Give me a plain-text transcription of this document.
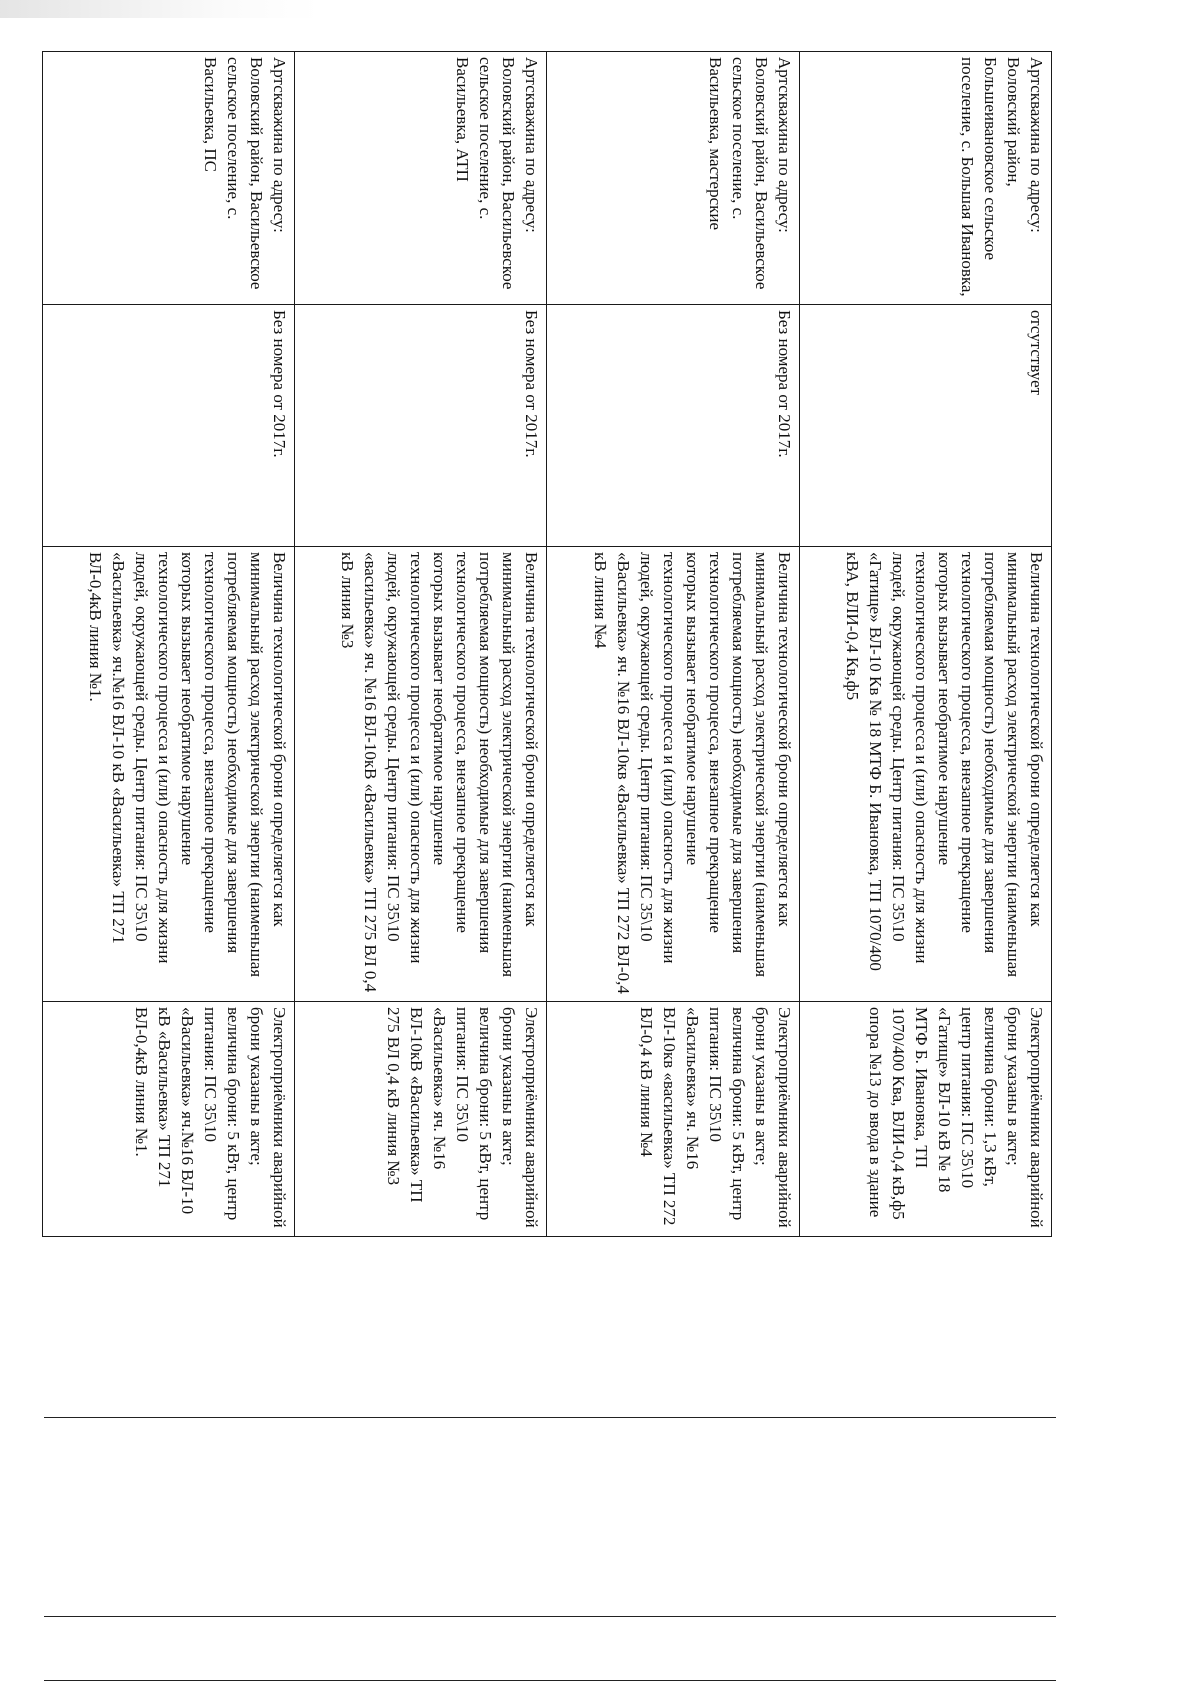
Артскважина по адресу: Воловский район, Большеивановское сельское поселение, с. Большая Ивановка,	отсутствует	Величина технологической брони определяется как минимальный расход электрической энергии (наименьшая потребляемая мощность) необходимые для завершения технологического процесса, внезапное прекращение которых вызывает необратимое нарушение технологического процесса и (или) опасность для жизни людей, окружающей среды. Центр питания: ПС 35\10 «Гатище» ВЛ-10 Кв № 18 МТФ Б. Ивановка, ТП 1070/400 кВА, ВЛИ-0,4 Кв,ф5	Электроприёмники аварийной брони указаны в акте; величина брони: 1,3 кВт, центр питания: ПС 35\10 «Гатище» ВЛ-10 кВ № 18 МТФ Б. Ивановка, ТП 1070/400 Ква, ВЛИ-0,4 кВ,ф5 опора №13 до ввода в здание
Артскважина по адресу: Воловский район, Васильевское сельское поселение, с. Васильевка, мастерские	Без номера от 2017г.	Величина технологической брони определяется как минимальный расход электрической энергии (наименьшая потребляемая мощность) необходимые для завершения технологического процесса, внезапное прекращение которых вызывает необратимое нарушение технологического процесса и (или) опасность для жизни людей, окружающей среды. Центр питания: ПС 35\10 «Васильевка» яч. №16 ВЛ-10кв «Васильевка» ТП 272 ВЛ-0,4 кВ линия №4	Электроприёмники аварийной брони указаны в акте; величина брони: 5 кВт, центр питания: ПС 35\10 «Васильевка» яч. №16 ВЛ-10кв «васильевка» ТП 272 ВЛ-0,4 кВ линия №4
Артскважина по адресу: Воловский район, Васильевское сельское поселение, с. Васильевка, АТП	Без номера от 2017г.	Величина технологической брони определяется как минимальный расход электрической энергии (наименьшая потребляемая мощность) необходимые для завершения технологического процесса, внезапное прекращение которых вызывает необратимое нарушение технологического процесса и (или) опасность для жизни людей, окружающей среды. Центр питания: ПС 35\10 «васильевка» яч. №16 ВЛ-10кВ «Васильевка» ТП 275 ВЛ 0,4 кВ линия №3	Электроприёмники аварийной брони указаны в акте; величина брони: 5 кВт, центр питания: ПС 35\10 «Васильевка» яч. №16 ВЛ-10кВ «Васильевка» ТП 275 ВЛ 0,4 кВ линия №3
Артскважина по адресу: Воловский район, Васильевское сельское поселение, с. Васильевка, ПС	Без номера от 2017г.	Величина технологической брони определяется как минимальный расход электрической энергии (наименьшая потребляемая мощность) необходимые для завершения технологического процесса, внезапное прекращение которых вызывает необратимое нарушение технологического процесса и (или) опасность для жизни людей, окружающей среды. Центр питания: ПС 35\10 «Васильевка» яч.№16 ВЛ-10 кВ «Васильевка» ТП 271 ВЛ-0,4кВ линия №1.	Электроприёмники аварийной брони указаны в акте; величина брони: 5 кВт, центр питания: ПС 35\10 «Васильевка» яч.№16 ВЛ-10 кВ «Васильевка» ТП 271 ВЛ-0,4кВ линия №1.
